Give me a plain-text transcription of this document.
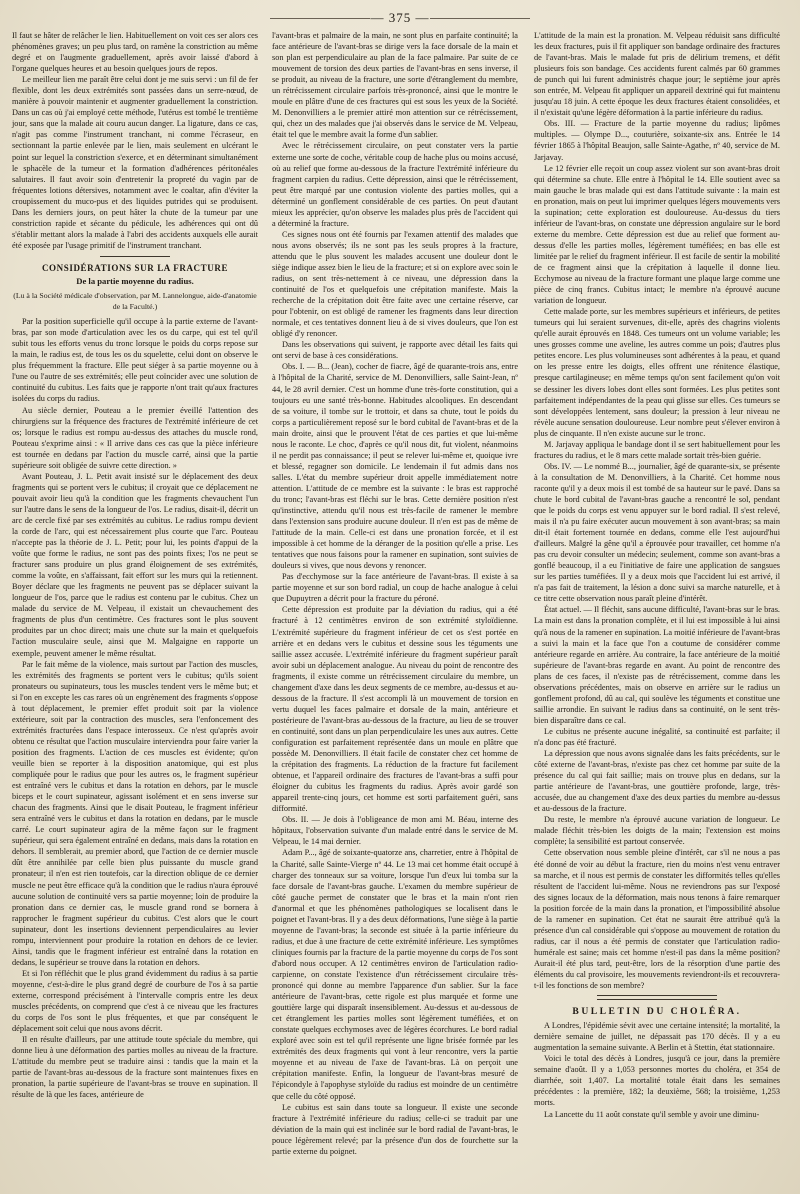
— 375 —

Il faut se hâter de relâcher le lien. Habituellement on voit ces ser alors ces phénomènes graves; un peu plus tard, on ramène la constriction au même degré et on l'augmente graduellement, après avoir laissé d'abord à l'organe quelques heures et au besoin quelques jours de repos.

Le meilleur lien me paraît être celui dont je me suis servi : un fil de fer flexible, dont les deux extrémités sont passées dans un serre-nœud, de manière à pouvoir maintenir et augmenter graduellement la constriction. Dans un cas où j'ai employé cette méthode, l'utérus est tombé le trentième jour, sans que la malade ait couru aucun danger. La ligature, dans ce cas, n'agit pas comme l'instrument tranchant, ni comme l'écraseur, en sectionnant la partie enlevée par le lien, mais seulement en ulcérant le point sur lequel la constriction s'exerce, et en déterminant simultanément le sphacèle de la tumeur et la formation d'adhérences péritonéales salutaires. Il faut avoir soin d'entretenir la propreté du vagin par de fréquentes lotions détersives, notamment avec le coaltar, afin d'éviter la croupissement du muco-pus et des liquides putrides qui se produisent. Dans les derniers jours, on peut hâter la chute de la tumeur par une constriction rapide et sécante du pédicule, les adhérences qui ont dû s'établir mettant alors la malade à l'abri des accidents auxquels elle aurait été exposée par l'usage primitif de l'instrument tranchant.

CONSIDÉRATIONS SUR LA FRACTURE
De la partie moyenne du radius.
(Lu à la Société médicale d'observation, par M. Lannelongue, aide-d'anatomie de la Faculté.)

Par la position superficielle qu'il occupe à la partie externe de l'avant-bras, par son mode d'articulation avec les os du carpe, qui est tel qu'il subit tous les efforts venus du tronc lorsque le poids du corps repose sur la main, le radius est, de tous les os du squelette, celui dont on observe le plus fréquemment la fracture. Elle peut siéger à sa partie moyenne ou à l'une ou l'autre de ses extrémités; elle peut coïncider avec une solution de continuité du cubitus. Les faits que je rapporte n'ont trait qu'aux fractures isolées du corps du radius.

Au siècle dernier, Pouteau a le premier éveillé l'attention des chirurgiens sur la fréquence des fractures de l'extrémité inférieure de cet os; lorsque le radius est rompu au-dessus des attaches du muscle rond, Pouteau s'exprime ainsi : « Il arrive dans ces cas que la pièce inférieure est tournée en dedans par l'action du muscle carré, ainsi que la partie supérieure soit obligée de suivre cette direction. »

Avant Pouteau, J. L. Petit avait insisté sur le déplacement des deux fragments qui se portent vers le cubitus; il croyait que ce déplacement ne pouvait avoir lieu qu'à la condition que les fragments chevauchent l'un sur l'autre dans le sens de la longueur de l'os. Le radius, disait-il, décrit un arc de cercle fixé par ses extrémités au cubitus. Le radius rompu devient la corde de l'arc, qui est nécessairement plus courte que l'arc. Pouteau n'accepte pas la théorie de J. L. Petit; pour lui, les points d'appui de la voûte que forme le radius, ne sont pas des points fixes; l'os ne peut se fracturer sans produire un plus grand éloignement de ses extrémités, comme la voûte, en s'affaissant, fait effort sur les murs qui la retiennent. Boyer déclare que les fragments ne peuvent pas se déplacer suivant la longueur de l'os, parce que le radius est contenu par le cubitus. Chez un malade du service de M. Velpeau, il existait un chevauchement des fragments de plus d'un centimètre. Ces fractures sont le plus souvent produites par un choc direct; mais une chute sur la main et quelquefois l'action musculaire seule, ainsi que M. Malgaigne en rapporte un exemple, peuvent amener le même résultat.

Par le fait même de la violence, mais surtout par l'action des muscles, les extrémités des fragments se portent vers le cubitus; qu'ils soient pronateurs ou supinateurs, tous les muscles tendent vers le même but; et si l'on en excepte les cas rares où un engrènement des fragments s'oppose à tout déplacement, le premier effet produit soit par la violence extérieure, soit par la contraction des muscles, sera l'enfoncement des extrémités fracturées dans l'espace interosseux. Ce n'est qu'après avoir obtenu ce résultat que l'action musculaire interviendra pour faire varier la position des fragments. L'action de ces muscles est évidente; qu'on veuille bien se reporter à la disposition anatomique, qui est plus compliquée pour le radius que pour les autres os, le fragment supérieur est entraîné vers le cubitus et dans la rotation en dehors, par le muscle biceps et le court supinateur, agissant isolément et en sens inverse sur chacun des fragments. Ainsi que le disait Pouteau, le fragment inférieur sera entraîné vers le cubitus et dans la rotation en dedans, par le muscle carré. Le court supinateur agira de la même façon sur le fragment supérieur, qui sera également entraîné en dedans, mais dans la rotation en dehors. Il semblerait, au premier abord, que l'action de ce dernier muscle dût être annihilée par celle bien plus puissante du muscle grand pronateur; il n'en est rien toutefois, car la direction oblique de ce dernier muscle ne peut être efficace qu'à la condition que le radius n'aura éprouvé aucune solution de continuité vers sa partie moyenne; loin de produire la pronation dans ce dernier cas, le muscle grand rond se bornera à rapprocher le fragment supérieur du cubitus. C'est alors que le court supinateur, dont les insertions deviennent perpendiculaires au levier rompu, interviennent pour produire la rotation en dehors de ce levier. Ainsi, tandis que le fragment inférieur est entraîné dans la rotation en dedans, le supérieur se trouve dans la rotation en dehors.

Et si l'on réfléchit que le plus grand évidemment du radius à sa partie moyenne, c'est-à-dire le plus grand degré de courbure de l'os à sa partie externe, correspond précisément à l'intervalle compris entre les deux muscles précédents, on comprend que c'est à ce niveau que les fractures du corps de l'os sont le plus fréquentes, et que par conséquent le déplacement soit celui que nous avons décrit.

Il en résulte d'ailleurs, par une attitude toute spéciale du membre, qui donne lieu à une déformation des parties molles au niveau de la fracture. L'attitude du membre peut se traduire ainsi : tandis que la main et la partie de l'avant-bras au-dessous de la fracture sont maintenues fixes en pronation, la partie supérieure de l'avant-bras se trouve en supination. Il résulte de là que les faces, antérieure de

l'avant-bras et palmaire de la main, ne sont plus en parfaite continuité; la face antérieure de l'avant-bras se dirige vers la face dorsale de la main et son plan est perpendiculaire au plan de la face palmaire. Par suite de ce mouvement de torsion des deux parties de l'avant-bras en sens inverse, il se produit, au niveau de la fracture, une sorte d'étranglement du membre, un rétrécissement circulaire parfois très-prononcé, ainsi que le montre le moule en plâtre d'une de ces fractures qui est sous les yeux de la Société. M. Denonvilliers a le premier attiré mon attention sur ce rétrécissement, qui, chez un des malades que j'ai observés dans le service de M. Velpeau, était tel que le membre avait la forme d'un sablier.

Avec le rétrécissement circulaire, on peut constater vers la partie externe une sorte de coche, véritable coup de hache plus ou moins accusé, où au relief que forme au-dessous de la fracture l'extrémité inférieure du fragment carpien du radius. Cette dépression, ainsi que le rétrécissement, peut être marqué par une contusion violente des parties molles, qui a déterminé un gonflement considérable de ces parties. On peut d'autant mieux les apprécier, qu'on observe les malades plus près de l'accident qui a déterminé la fracture.

Ces signes nous ont été fournis par l'examen attentif des malades que nous avons observés; ils ne sont pas les seuls propres à la fracture, attendu que le plus souvent les malades accusent une douleur dont le siège indique assez bien le lieu de la fracture; et si on explore avec soin le radius, on sent très-nettement à ce niveau, une dépression dans la continuité de l'os et quelquefois une crépitation manifeste. Mais la recherche de la crépitation doit être faite avec une certaine réserve, car pour l'obtenir, on est obligé de ramener les fragments dans leur direction normale, et ces tentatives donnent lieu à de si vives douleurs, que l'on est obligé d'y renoncer.

Dans les observations qui suivent, je rapporte avec détail les faits qui ont servi de base à ces considérations.

Obs. I. — B... (Jean), cocher de fiacre, âgé de quarante-trois ans, entre à l'hôpital de la Charité, service de M. Denonvilliers, salle Saint-Jean, nº 44, le 28 avril dernier. C'est un homme d'une très-forte constitution, qui a toujours eu une santé très-bonne. Habitudes alcooliques. En descendant de sa voiture, il tombe sur le trottoir, et dans sa chute, tout le poids du corps a particulièrement reposé sur le bord cubital de l'avant-bras et de la main droite, ainsi que le prouvent l'état de ces parties et que lui-même nous le raconte. Le choc, d'après ce qu'il nous dit, fut violent, néanmoins il ne perdit pas connaissance; il peut se relever lui-même et, quoique ivre et blessé, regagner son domicile. Le lendemain il fut admis dans nos salles. L'état du membre supérieur droit appelle immédiatement notre attention. L'attitude de ce membre est la suivante : le bras est rapproché du tronc; l'avant-bras est fléchi sur le bras. Cette dernière position n'est qu'instinctive, attendu qu'il nous est très-facile de ramener le membre dans l'extension sans produire aucune douleur. Il n'en est pas de même de l'attitude de la main. Celle-ci est dans une pronation forcée, et il est impossible à cet homme de la déranger de la position qu'elle a prise. Les tentatives que nous faisons pour la ramener en supination, sont suivies de douleurs si vives, que nous devons y renoncer.

Pas d'ecchymose sur la face antérieure de l'avant-bras. Il existe à sa partie moyenne et sur son bord radial, un coup de hache analogue à celui que Dupuytren a décrit pour la fracture du péroné.

Cette dépression est produite par la déviation du radius, qui a été fracturé à 12 centimètres environ de son extrémité styloïdienne. L'extrémité supérieure du fragment inférieur de cet os s'est portée en arrière et en dedans vers le cubitus et dessine sous les téguments une saillie assez accusée. L'extrémité inférieure du fragment supérieur paraît avoir subi un déplacement analogue. Au niveau du point de rencontre des fragments, il existe comme un rétrécissement circulaire du membre, un changement d'axe dans les deux segments de ce membre, au-dessus et au-dessous de la fracture. Il s'est accompli là un mouvement de torsion en vertu duquel les faces palmaire et dorsale de la main, antérieure et postérieure de l'avant-bras au-dessous de la fracture, au lieu de se trouver en continuité, sont dans un plan perpendiculaire les unes aux autres. Cette configuration est parfaitement représentée dans un moule en plâtre que possède M. Denonvilliers. Il était facile de constater chez cet homme de la crépitation des fragments. La réduction de la fracture fut facilement obtenue, et l'appareil ordinaire des fractures de l'avant-bras a suffi pour éloigner du cubitus les fragments du radius. Après avoir gardé son appareil trente-cinq jours, cet homme est sorti parfaitement guéri, sans difformité.

Obs. II. — Je dois à l'obligeance de mon ami M. Béau, interne des hôpitaux, l'observation suivante d'un malade entré dans le service de M. Velpeau, le 14 mai dernier.

Adam P..., âgé de soixante-quatorze ans, charretier, entre à l'hôpital de la Charité, salle Sainte-Vierge nº 44. Le 13 mai cet homme était occupé à charger des tonneaux sur sa voiture, lorsque l'un d'eux lui tomba sur la face dorsale de l'avant-bras gauche. L'examen du membre supérieur de côté gauche permet de constater que le bras et la main n'ont rien d'anormal et que les phénomènes pathologiques se localisent dans le poignet et l'avant-bras. Il y a des deux déformations, l'une siège à la partie moyenne de l'avant-bras; la seconde est située à la partie inférieure du radius, et due à une fracture de cette extrémité inférieure. Les symptômes cliniques fournis par la fracture de la partie moyenne du corps de l'os sont d'abord nous occuper. A 12 centimètres environ de l'articulation radio-carpienne, on constate l'existence d'un rétrécissement circulaire très-prononcé qui donne au membre l'apparence d'un sablier. Sur la face antérieure de l'avant-bras, cette rigole est plus marquée et forme une gouttière large qui disparaît insensiblement. Au-dessus et au-dessous de cet étranglement les parties molles sont légèrement tuméfiées, et on constate quelques ecchymoses avec de légères écorchures. Le bord radial exploré avec soin est tel qu'il représente une ligne brisée formée par les extrémités des deux fragments qui vont à leur rencontre, vers la partie moyenne et au niveau de l'axe de l'avant-bras. Là on perçoit une crépitation manifeste. Enfin, la longueur de l'avant-bras mesuré de l'épicondyle à l'apophyse styloïde du radius est moindre de un centimètre que celle du côté opposé.

Le cubitus est sain dans toute sa longueur. Il existe une seconde fracture à l'extrémité inférieure du radius; celle-ci se traduit par une déviation de la main qui est inclinée sur le bord radial de l'avant-bras, le pouce légèrement relevé; par la présence d'un dos de fourchette sur la partie externe du poignet.

L'attitude de la main est la pronation. M. Velpeau réduisit sans difficulté les deux fractures, puis il fit appliquer son bandage ordinaire des fractures de l'avant-bras. Mais le malade fut pris de délirium tremens, et défit plusieurs fois son bandage. Ces accidents furent calmés par 60 grammes de punch qui lui furent administrés chaque jour; le septième jour après son entrée, M. Velpeau fit appliquer un appareil dextriné qui fut maintenu jusqu'au 18 juin. A cette époque les deux fractures étaient consolidées, et il n'existait qu'une légère déformation à la partie inférieure du radius.

Obs. III. — Fracture de la partie moyenne du radius; lipômes multiples. — Olympe D..., couturière, soixante-six ans. Entrée le 14 février 1865 à l'hôpital Beaujon, salle Sainte-Agathe, nº 40, service de M. Jarjavay.

Le 12 février elle reçoit un coup assez violent sur son avant-bras droit qui détermine sa chute. Elle entre à l'hôpital le 14. Elle soutient avec sa main gauche le bras malade qui est dans l'attitude suivante : la main est en pronation, mais on peut lui imprimer quelques légers mouvements vers la supination; cette exploration est douloureuse. Au-dessus du tiers inférieur de l'avant-bras, on constate une dépression angulaire sur le bord externe du membre. Cette dépression est due au relief que forment au-dessus d'elle les parties molles, légèrement tuméfiées; en bas elle est limitée par le relief du fragment inférieur. Il est facile de sentir la mobilité de ce fragment ainsi que la crépitation à laquelle il donne lieu. Ecchymose au niveau de la fracture formant une plaque large comme une pièce de cinq francs. Cubitus intact; le membre n'a éprouvé aucune variation de longueur.

Cette malade porte, sur les membres supérieurs et inférieurs, de petites tumeurs qui lui seraient survenues, dit-elle, après des chagrins violents qu'elle aurait éprouvés en 1848. Ces tumeurs ont un volume variable; les unes grosses comme une aveline, les autres comme un pois; d'autres plus petites encore. Les plus volumineuses sont adhérentes à la peau, et quand on les presse entre les doigts, elles offrent une rénitence élastique, presque cartilagineuse; en même temps qu'on sent facilement qu'on voit se dessiner les divers lobes dont elles sont formées. Les plus petites sont parfaitement indépendantes de la peau qui glisse sur elles. Ces tumeurs se sont développées lentement, sans douleur; la pression à leur niveau ne révèle aucune sensation douloureuse. Leur nombre peut s'élever environ à plus de cinquante. Il n'en existe aucune sur le tronc.

M. Jarjavay appliqua le bandage dont il se sert habituellement pour les fractures du radius, et le 8 mars cette malade sortait très-bien guérie.

Obs. IV. — Le nommé B..., journalier, âgé de quarante-six, se présente à la consultation de M. Denonvilliers, à la Charité. Cet homme nous raconte qu'il y a deux mois il est tombé de sa hauteur sur le pavé. Dans sa chute le bord cubital de l'avant-bras gauche a rencontré le sol, pendant que le poids du corps est venu appuyer sur le bord radial. Il s'est relevé, mais il n'a pu faire exécuter aucun mouvement à son avant-bras; sa main dit-il était fortement tournée en dedans, comme elle l'est aujourd'hui d'ailleurs. Malgré la gêne qu'il a éprouvée pour travailler, cet homme n'a pas cru devoir consulter un médecin; seulement, comme son avant-bras a gonflé beaucoup, il a eu l'initiative de faire une application de sangsues sur les parties tuméfiées. Il y a deux mois que l'accident lui est arrivé, il n'a pas fait de traitement, la lésion a donc suivi sa marche naturelle, et à ce titre cette observation nous paraît pleine d'intérêt.

État actuel. — Il fléchit, sans aucune difficulté, l'avant-bras sur le bras. La main est dans la pronation complète, et il lui est impossible à lui ainsi qu'à nous de la ramener en supination. La moitié inférieure de l'avant-bras a suivi la main et la face que l'on a coutume de considérer comme antérieure regarde en arrière. Au contraire, la face antérieure de la moitié supérieure de l'avant-bras regarde en avant. Au point de rencontre des plans de ces faces, il n'existe pas de rétrécissement, comme dans les observations précédentes, mais on observe en arrière sur le radius un gonflement profond, dû au cal, qui soulève les téguments et constitue une saillie arrondie. En suivant le radius dans sa continuité, on le sent très-bien disparaître dans ce cal.

Le cubitus ne présente aucune inégalité, sa continuité est parfaite; il n'a donc pas été fracturé.

La dépression que nous avons signalée dans les faits précédents, sur le côté externe de l'avant-bras, n'existe pas chez cet homme par suite de la présence du cal qui fait saillie; mais on trouve plus en dedans, sur la partie antérieure de l'avant-bras, une gouttière profonde, large, très-accusée, due au changement d'axe des deux parties du membre au-dessus et au-dessous de la fracture.

Du reste, le membre n'a éprouvé aucune variation de longueur. Le malade fléchit très-bien les doigts de la main; l'extension est moins complète; la sensibilité est partout conservée.

Cette observation nous semble pleine d'intérêt, car s'il ne nous a pas été donné de voir au début la fracture, rien du moins n'est venu entraver sa marche, et il nous est permis de constater les difformités telles qu'elles résultent de l'accident lui-même. Nous ne reviendrons pas sur l'exposé des signes locaux de la déformation, mais nous tenons à faire remarquer la position forcée de la main dans la pronation, et l'impossibilité absolue de la ramener en supination. Cet état ne saurait être attribué qu'à la présence d'un cal considérable qui s'oppose au mouvement de rotation du radius, car il nous a été permis de constater que l'articulation radio-humérale est saine; mais cet homme n'est-il pas dans la même position? Aurait-il été plus tard, peut-être, lors de la résorption d'une partie des éléments du cal provisoire, les mouvements reviendront-ils et recouvrera-t-il les fonctions de son membre?

BULLETIN DU CHOLÉRA.

A Londres, l'épidémie sévit avec une certaine intensité; la mortalité, la dernière semaine de juillet, ne dépassait pas 170 décès. Il y a eu augmentation la semaine suivante. A Berlin et à Stettin, état stationnaire.

Voici le total des décès à Londres, jusqu'à ce jour, dans la première semaine d'août. Il y a 1,053 personnes mortes du choléra, et 354 de diarrhée, soit 1,407. La mortalité totale était dans les semaines précédentes : la première, 182; la deuxième, 568; la troisième, 1,253 morts.

La Lancette du 11 août constate qu'il semble y avoir une diminu-
